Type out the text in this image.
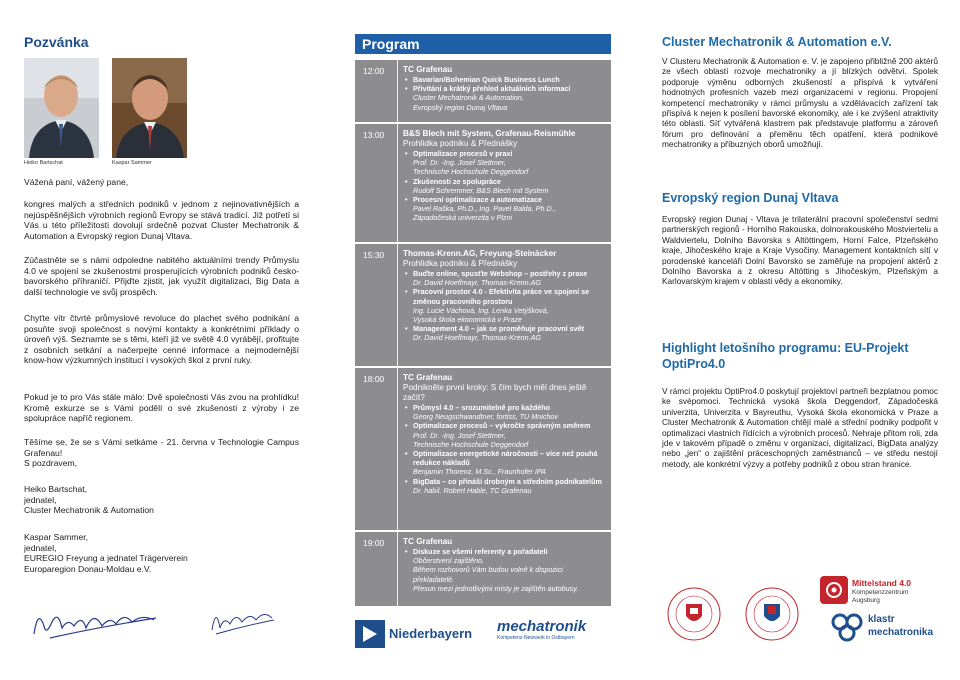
Pozvánka
Heiko Bartschat	Kaspar Sammer

Vážená paní, vážený pane,

kongres malých a středních podniků v jednom z nejinovativnějších a nejúspěšnějších výrobních regionů Evropy se stává tradicí. Již potřetí si Vás u této příležitosti dovolují srdečně pozvat Cluster Mechatronik & Automation a Evropský region Dunaj Vltava.

Zúčastněte se s námi odpoledne nabitého aktuálními trendy Průmyslu 4.0 ve spojení se zkušenostmi prosperujících výrobních podniků česko-bavorského příhraničí. Přijďte zjistit, jak využít digitalizaci, Big Data a další technologie ve svůj prospěch.

Chyťte vítr čtvrté průmyslové revoluce do plachet svého podnikání a posuňte svoji společnost s novými kontakty a konkrétními příklady o úroveň výš. Seznamte se s těmi, kteří již ve světě 4.0 vyrábějí, profitujte z osobních setkání a načerpejte cenné informace a nejmodernější know-how výzkumných institucí i vysokých škol z první ruky.

Pokud je to pro Vás stále málo: Dvě společnosti Vás zvou na prohlídku! Kromě exkurze se s Vámi podělí o své zkušenosti z výroby i ze spolupráce napříč regionem.

Těšíme se, že se s Vámi setkáme - 21. června v Technologie Campus Grafenau!

S pozdravem,

Heiko Bartschat,

jednatel,

Cluster Mechatronik & Automation

Kaspar Sammer,

jednatel,

EUREGIO Freyung a jednatel Trägerverein

Europaregion Donau-Moldau e.V.

Program
12:00 TC Grafenau
• Bavarian/Bohemian Quick Business Lunch
• Přivítání a krátký přehled aktuálních informací
Cluster Mechatronik & Automation,
Evropský region Dunaj Vltava
13:00 B&S Blech mit System, Grafenau-Reismühle
Prohlídka podniku & Přednášky
• Optimalizace procesů v praxi
Prof. Dr. -Ing. Josef Stettmer,
Technische Hochschule Deggendorf
• Zkušenosti ze spolupráce
Rudolf Schremmer, B&S Blech mit System
• Procesní optimalizace a automatizace
Pavel Raška, Ph.D., Ing. Pavel Balda, Ph.D.,
Západočeská univerzita v Plzni
15:30 Thomas-Krenn.AG, Freyung-Steinäcker
Prohlídka podniku & Přednášky
• Buďte online, spusťte Webshop – postřehy z praxe
Dr. David Hoeflmayr, Thomas-Krenn.AG
• Pracovní prostor 4.0 - Efektivita práce ve spojení se změnou pracovního prostoru
Ing. Lucie Váchová, Ing. Lenka Vetýšková,
Vysoká škola ekonomická v Praze
• Management 4.0 – jak se proměňuje pracovní svět
Dr. David Hoeflmayr, Thomas-Krenn.AG
18:00 TC Grafenau
Podnikněte první kroky: S čím bych měl dnes ještě začít?
• Průmysl 4.0 – srozumitelně pro každého
Georg Neugschwandtner, fortiss, TU Mnichov
• Optimalizace procesů – vykročte správným směrem
Prof. Dr. -Ing. Josef Stettmer,
Technische Hochschule Deggendorf
• Optimalizace energetické náročnosti – více než pouhá redukce nákladů
Benjamin Thorenz, M.Sc., Fraunhofer IPA
• BigData – co přináší drobným a středním podnikatelům
Dr. habil. Robert Hable, TC Grafenau
19:00 TC Grafenau
• Diskuze se všemi referenty a pořadateli
Občerstvení zajištěno.
Během rozhovorů Vám budou volně k dispozici překladatelé.
Přesun mezi jednotlivými místy je zajištěn autobusy.
Niederbayern mechatronik
Kompetenz-Netzwerk in Ostbayern
Cluster Mechatronik & Automation e.V.
V Clusteru Mechatronik & Automation e. V. je zapojeno přibližně 200 aktérů ze všech oblastí rozvoje mechatroniky a jí blízkých odvětví. Spolek podporuje výměnu odborných zkušeností a přispívá k vytváření hodnotných profesních vazeb mezi organizacemi v regionu. Propojení kompetencí mechatroniky v rámci průmyslu a vzdělávacích zařízení tak přispívá k nejen k posílení bavorské ekonomiky, ale i ke zvýšení atraktivity této oblasti. Síť vytvářená klastrem pak představuje platformu a zároveň fórum pro definování a přeměnu těch opatření, která podnikové mechatroniky a příbuzných oborů umožňují.
Evropský region Dunaj Vltava
Evropský region Dunaj - Vltava je trilaterální pracovní společenství sedmi partnerských regionů - Horního Rakouska, dolnorakouského Mostviertelu a Waldviertelu, Dolního Bavorska s Altöttingem, Horní Falce, Plzeňského kraje, Jihočeského kraje a Kraje Vysočiny. Management kontaktních sítí v porodenské kanceláři Dolní Bavorsko se zaměřuje na propojení aktérů z Dolního Bavorska a z okresu Altötting s Jihočeským, Plzeňským a Karlovarským krajem v oblasti vědy a ekonomiky.
Highlight letošního programu: EU-Projekt OptiPro4.0
V rámci projektu OptiPro4.0 poskytují projektoví partneři bezplatnou pomoc ke svépomoci. Technická vysoká škola Deggendorf, Západočeská univerzita, Univerzita v Bayreuthu, Vysoká škola ekonomická v Praze a Cluster Mechatronik & Automation chtějí malé a střední podniky podpořit v optimalizaci vlastních řídících a výrobních procesů. Nehraje přitom roli, zda jde v takovém případě o změnu v organizaci, digitalizaci, BigData analýzy nebo „jen“ o zajištění práceschopných zaměstnanců – ve středu nestojí metody, ale konkrétní výzvy a potřeby podniků z obou stran hranice.
Mittelstand 4.0
Kompetenzzentrum
Augsburg
klastr
mechatronika
